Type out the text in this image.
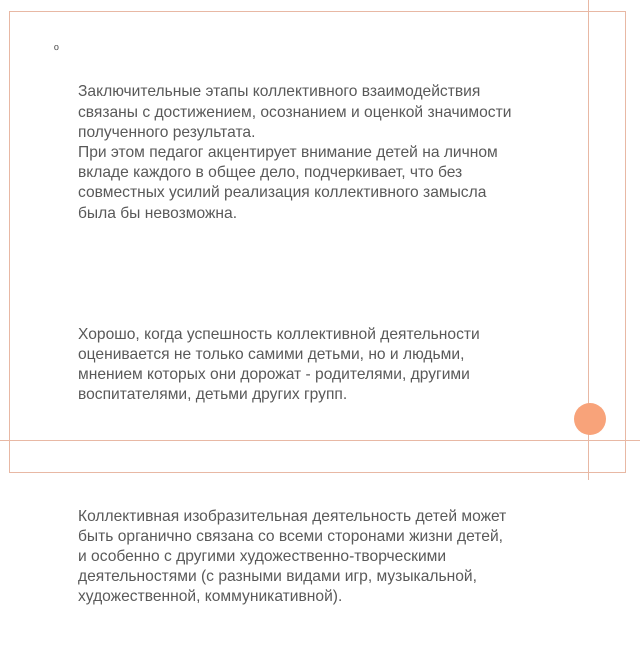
º

Заключительные этапы коллективного взаимодействия
связаны с достижением, осознанием и оценкой значимости
полученного результата.
При этом педагог акцентирует внимание детей на личном
вкладе каждого в общее дело, подчеркивает, что без
совместных усилий реализация коллективного замысла
была бы невозможна.

Хорошо, когда успешность коллективной деятельности
оценивается не только самими детьми, но и людьми,
мнением которых они дорожат - родителями, другими
воспитателями, детьми других групп.

Коллективная изобразительная деятельность детей может
быть органично связана со всеми сторонами жизни детей,
и особенно с другими художественно-творческими
деятельностями (с разными видами игр, музыкальной,
художественной, коммуникативной).
